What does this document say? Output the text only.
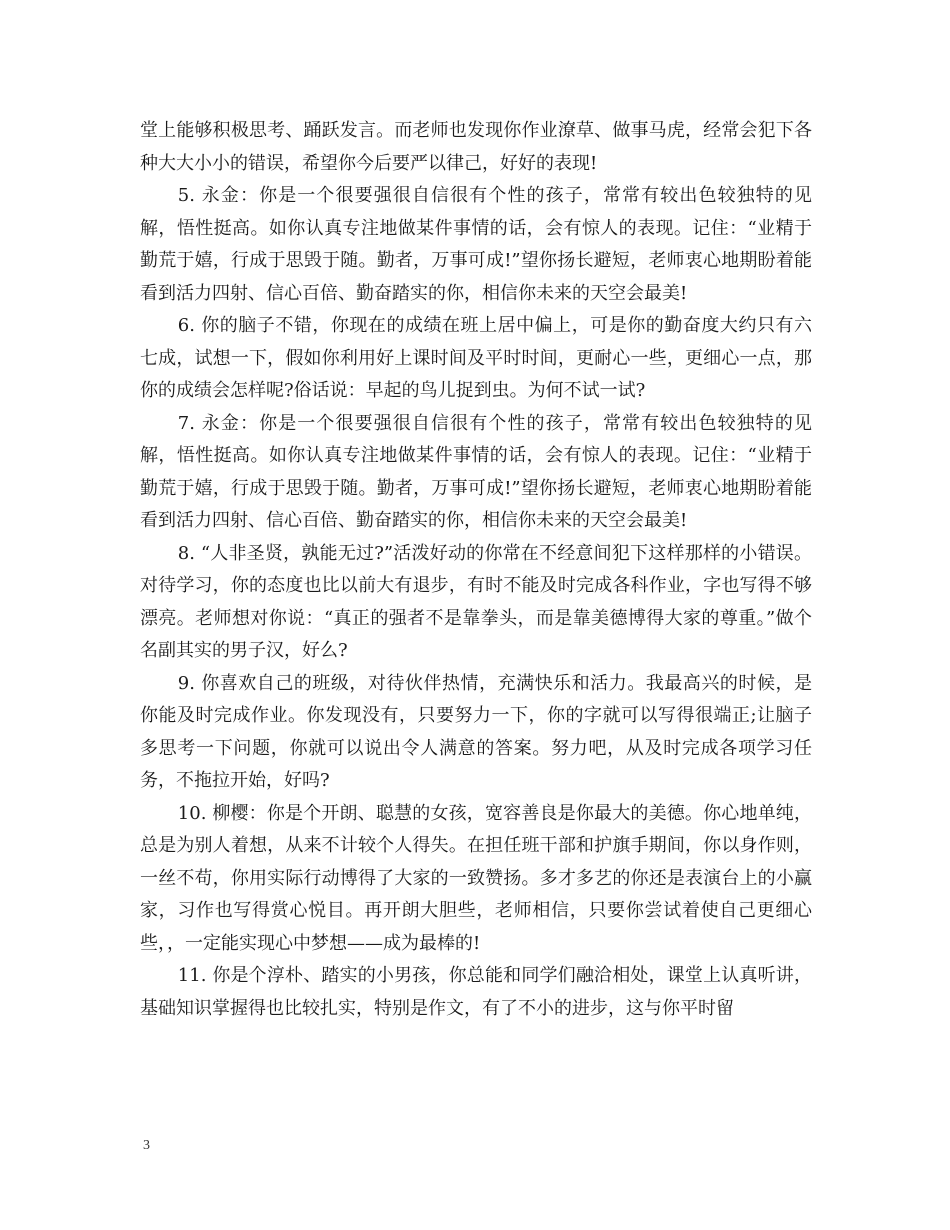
堂上能够积极思考、踊跃发言。而老师也发现你作业潦草、做事马虎，经常会犯下各种大大小小的错误，希望你今后要严以律己，好好的表现!

5. 永金：你是一个很要强很自信很有个性的孩子，常常有较出色较独特的见解，悟性挺高。如你认真专注地做某件事情的话，会有惊人的表现。记住：“业精于勤荒于嬉，行成于思毁于随。勤者，万事可成!”望你扬长避短，老师衷心地期盼着能看到活力四射、信心百倍、勤奋踏实的你，相信你未来的天空会最美!

6. 你的脑子不错，你现在的成绩在班上居中偏上，可是你的勤奋度大约只有六七成，试想一下，假如你利用好上课时间及平时时间，更耐心一些，更细心一点，那你的成绩会怎样呢?俗话说：早起的鸟儿捉到虫。为何不试一试?

7. 永金：你是一个很要强很自信很有个性的孩子，常常有较出色较独特的见解，悟性挺高。如你认真专注地做某件事情的话，会有惊人的表现。记住：“业精于勤荒于嬉，行成于思毁于随。勤者，万事可成!”望你扬长避短，老师衷心地期盼着能看到活力四射、信心百倍、勤奋踏实的你，相信你未来的天空会最美!

8. “人非圣贤，孰能无过?”活泼好动的你常在不经意间犯下这样那样的小错误。对待学习，你的态度也比以前大有退步，有时不能及时完成各科作业，字也写得不够漂亮。老师想对你说：“真正的强者不是靠拳头，而是靠美德博得大家的尊重。”做个名副其实的男子汉，好么?

9. 你喜欢自己的班级，对待伙伴热情，充满快乐和活力。我最高兴的时候，是你能及时完成作业。你发现没有，只要努力一下，你的字就可以写得很端正;让脑子多思考一下问题，你就可以说出令人满意的答案。努力吧，从及时完成各项学习任务，不拖拉开始，好吗?

10. 柳樱：你是个开朗、聪慧的女孩，宽容善良是你最大的美德。你心地单纯，总是为别人着想，从来不计较个人得失。在担任班干部和护旗手期间，你以身作则，一丝不苟，你用实际行动博得了大家的一致赞扬。多才多艺的你还是表演台上的小赢家，习作也写得赏心悦目。再开朗大胆些，老师相信，只要你尝试着使自己更细心些，，一定能实现心中梦想——成为最棒的!

11. 你是个淳朴、踏实的小男孩，你总能和同学们融洽相处，课堂上认真听讲，基础知识掌握得也比较扎实，特别是作文，有了不小的进步，这与你平时留

3
